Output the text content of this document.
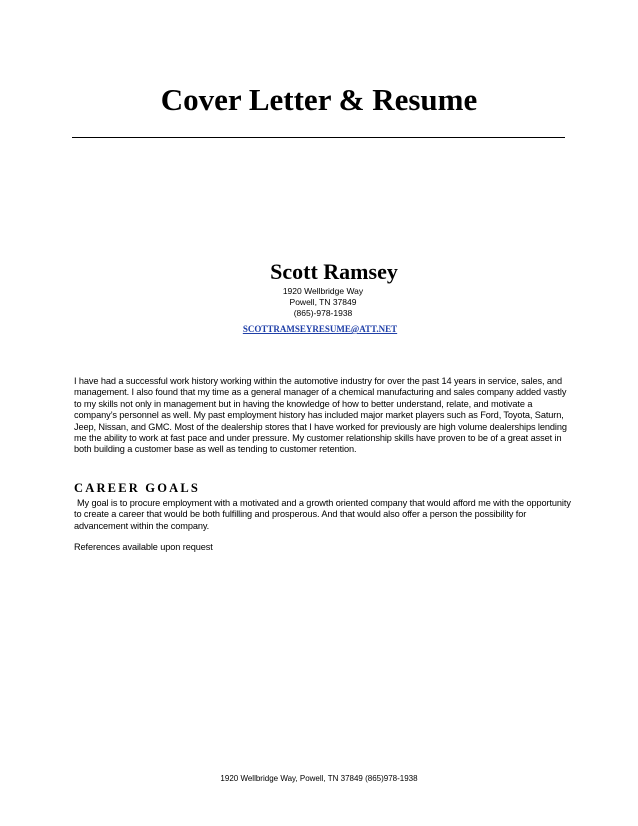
Cover Letter & Resume
Scott Ramsey
1920 Wellbridge Way
Powell, TN 37849
(865)-978-1938
SCOTTRAMSEYRESUME@ATT.NET

I have had a successful work history working within the automotive industry for over the past 14 years in service, sales, and management. I also found that my time as a general manager of a chemical manufacturing and sales company added vastly to my skills not only in management but in having the knowledge of how to better understand, relate, and motivate a company’s personnel as well. My past employment history has included major market players such as Ford, Toyota, Saturn, Jeep, Nissan, and GMC. Most of the dealership stores that I have worked for previously are high volume dealerships lending me the ability to work at fast pace and under pressure. My customer relationship skills have proven to be of a great asset in both building a customer base as well as tending to customer retention.

CAREER GOALS

My goal is to procure employment with a motivated and a growth oriented company that would afford me with the opportunity to create a career that would be both fulfilling and prosperous. And that would also offer a person the possibility for advancement within the company.

References available upon request

1920 Wellbridge Way, Powell, TN 37849 (865)978-1938
